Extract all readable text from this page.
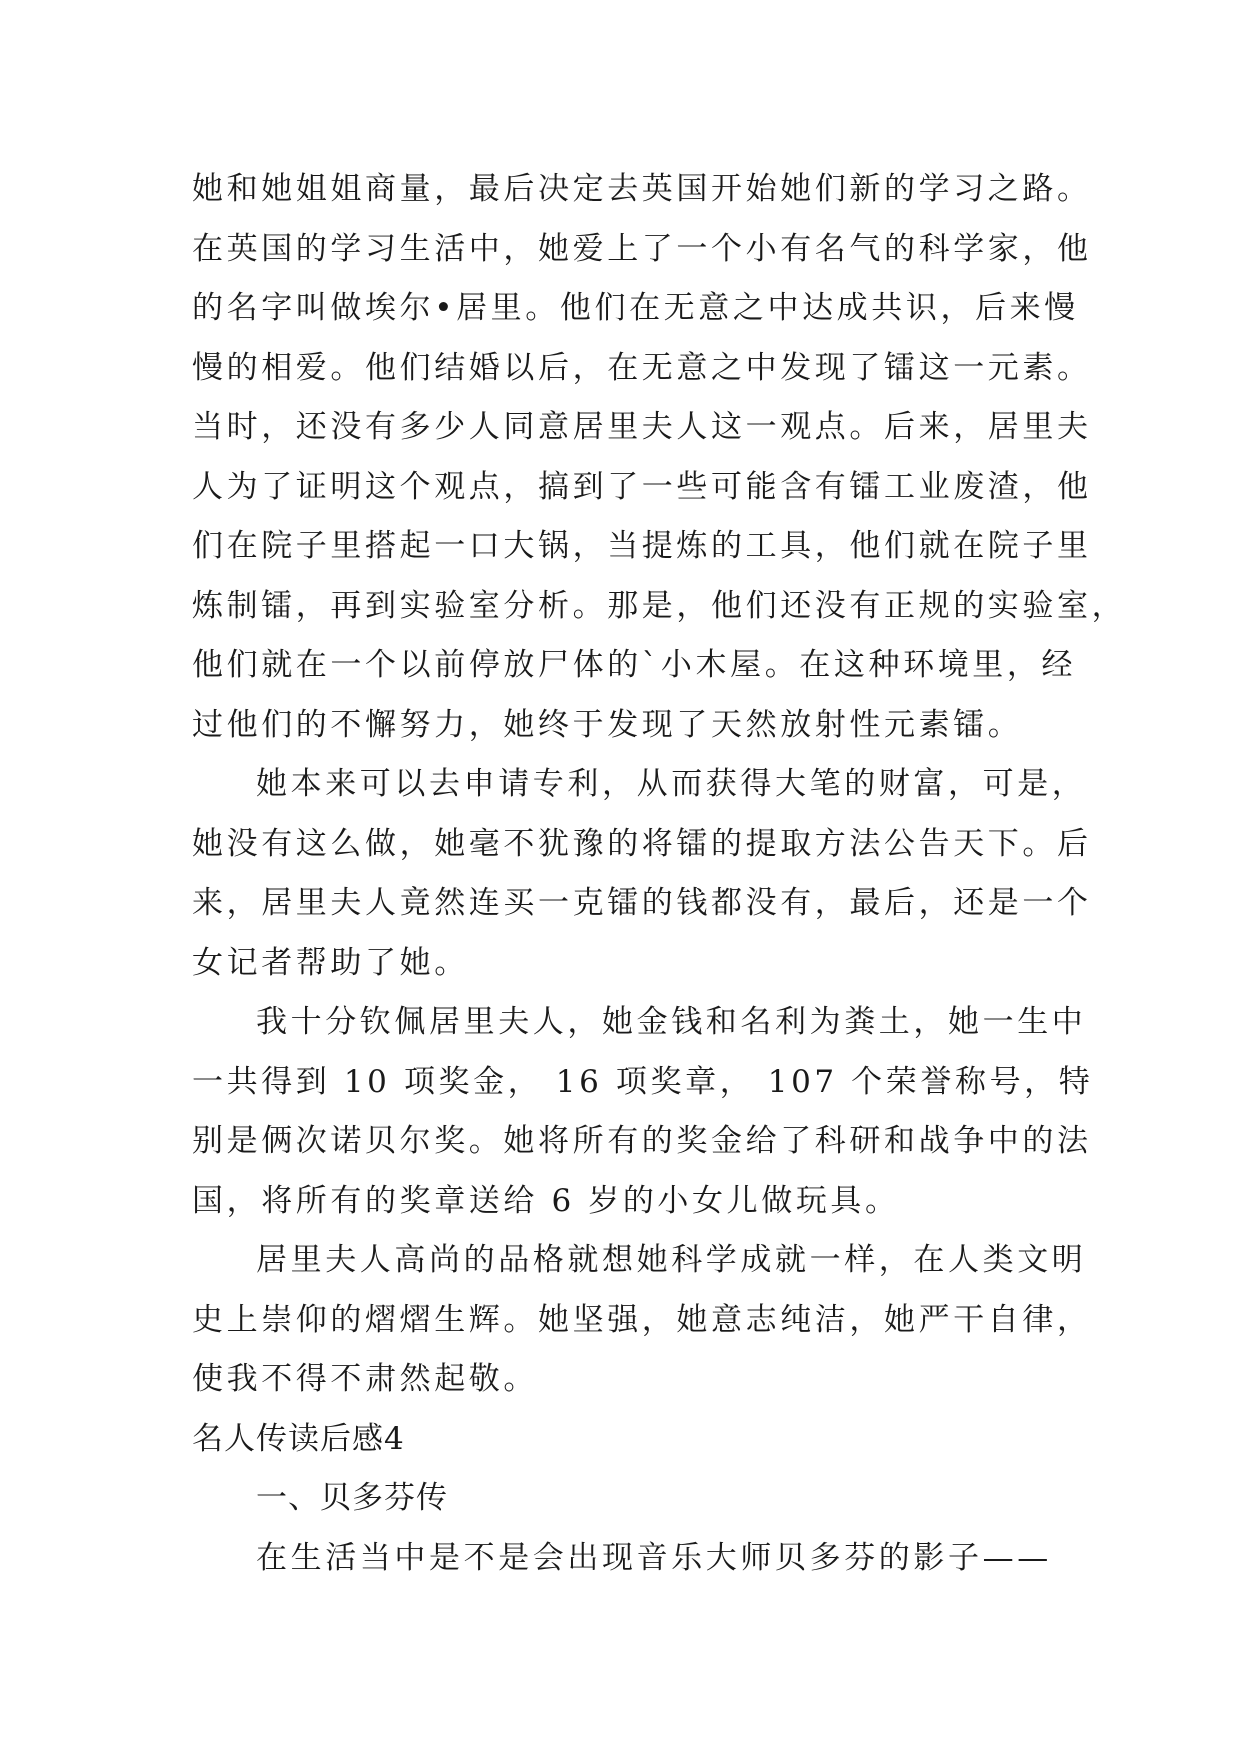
她和她姐姐商量，最后决定去英国开始她们新的学习之路。
在英国的学习生活中，她爱上了一个小有名气的科学家，他
的名字叫做埃尔•居里。他们在无意之中达成共识，后来慢
慢的相爱。他们结婚以后，在无意之中发现了镭这一元素。
当时，还没有多少人同意居里夫人这一观点。后来，居里夫
人为了证明这个观点，搞到了一些可能含有镭工业废渣，他
们在院子里搭起一口大锅，当提炼的工具，他们就在院子里
炼制镭，再到实验室分析。那是，他们还没有正规的实验室，
他们就在一个以前停放尸体的`小木屋。在这种环境里，经
过他们的不懈努力，她终于发现了天然放射性元素镭。
她本来可以去申请专利，从而获得大笔的财富，可是，
她没有这么做，她毫不犹豫的将镭的提取方法公告天下。后
来，居里夫人竟然连买一克镭的钱都没有，最后，还是一个
女记者帮助了她。
我十分钦佩居里夫人，她金钱和名利为粪土，她一生中
一共得到 10 项奖金， 16 项奖章， 107 个荣誉称号，特
别是俩次诺贝尔奖。她将所有的奖金给了科研和战争中的法
国，将所有的奖章送给 6 岁的小女儿做玩具。
居里夫人高尚的品格就想她科学成就一样，在人类文明
史上崇仰的熠熠生辉。她坚强，她意志纯洁，她严干自律，
使我不得不肃然起敬。
名人传读后感4
一、贝多芬传
在生活当中是不是会出现音乐大师贝多芬的影子——
